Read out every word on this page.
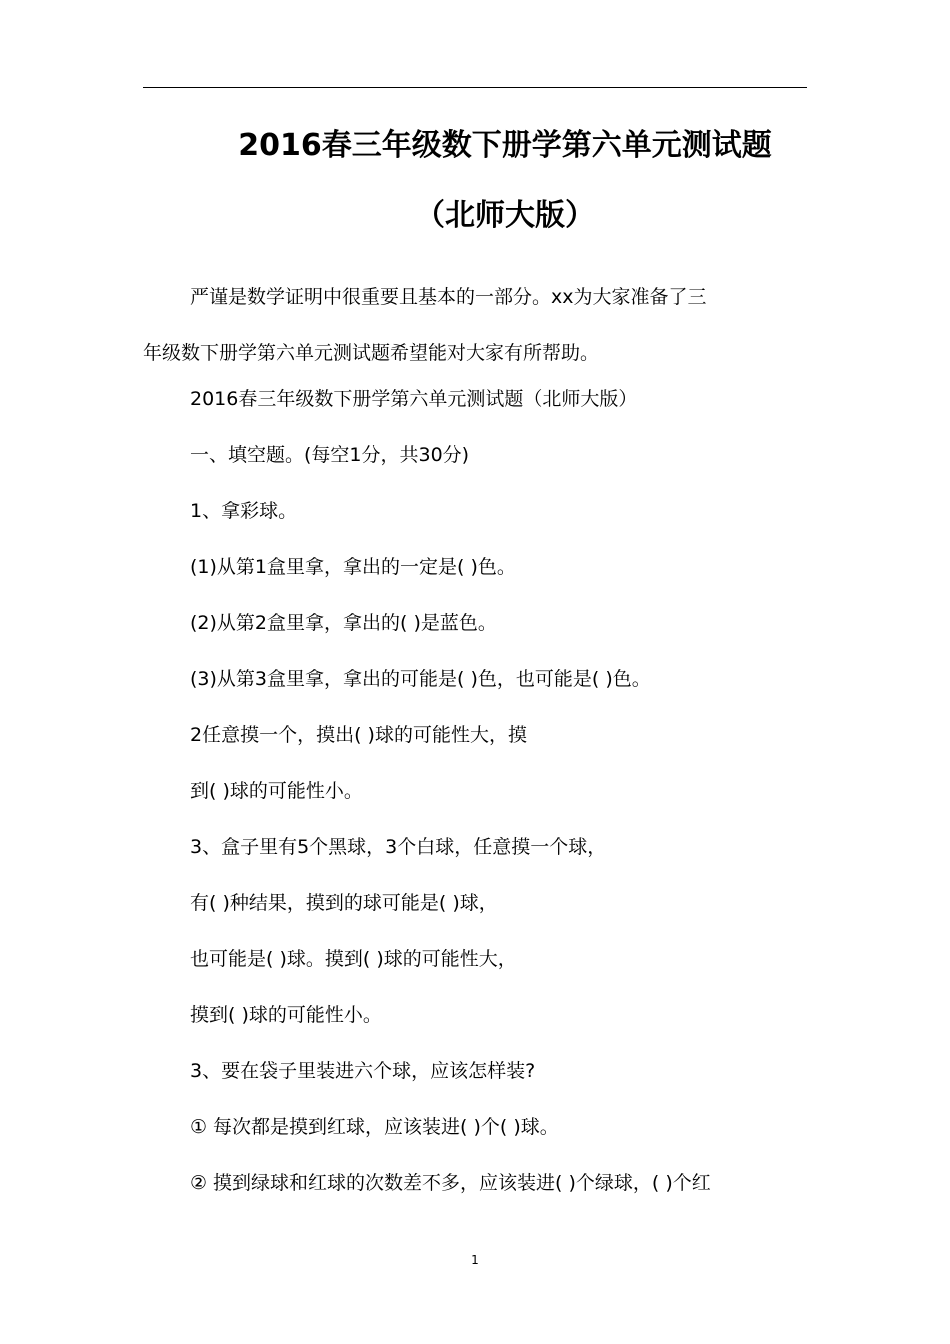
2016春三年级数下册学第六单元测试题
（北师大版）
严谨是数学证明中很重要且基本的一部分。xx为大家准备了三
年级数下册学第六单元测试题希望能对大家有所帮助。
2016春三年级数下册学第六单元测试题（北师大版）
一、填空题。(每空1分，共30分)
1、拿彩球。
(1)从第1盒里拿，拿出的一定是( )色。
(2)从第2盒里拿，拿出的( )是蓝色。
(3)从第3盒里拿，拿出的可能是( )色，也可能是( )色。
2任意摸一个，摸出( )球的可能性大，摸
到( )球的可能性小。
3、盒子里有5个黑球，3个白球，任意摸一个球，
有( )种结果，摸到的球可能是( )球，
也可能是( )球。摸到( )球的可能性大，
摸到( )球的可能性小。
3、要在袋子里装进六个球，应该怎样装?
① 每次都是摸到红球，应该装进( )个( )球。
② 摸到绿球和红球的次数差不多，应该装进( )个绿球，( )个红
1
